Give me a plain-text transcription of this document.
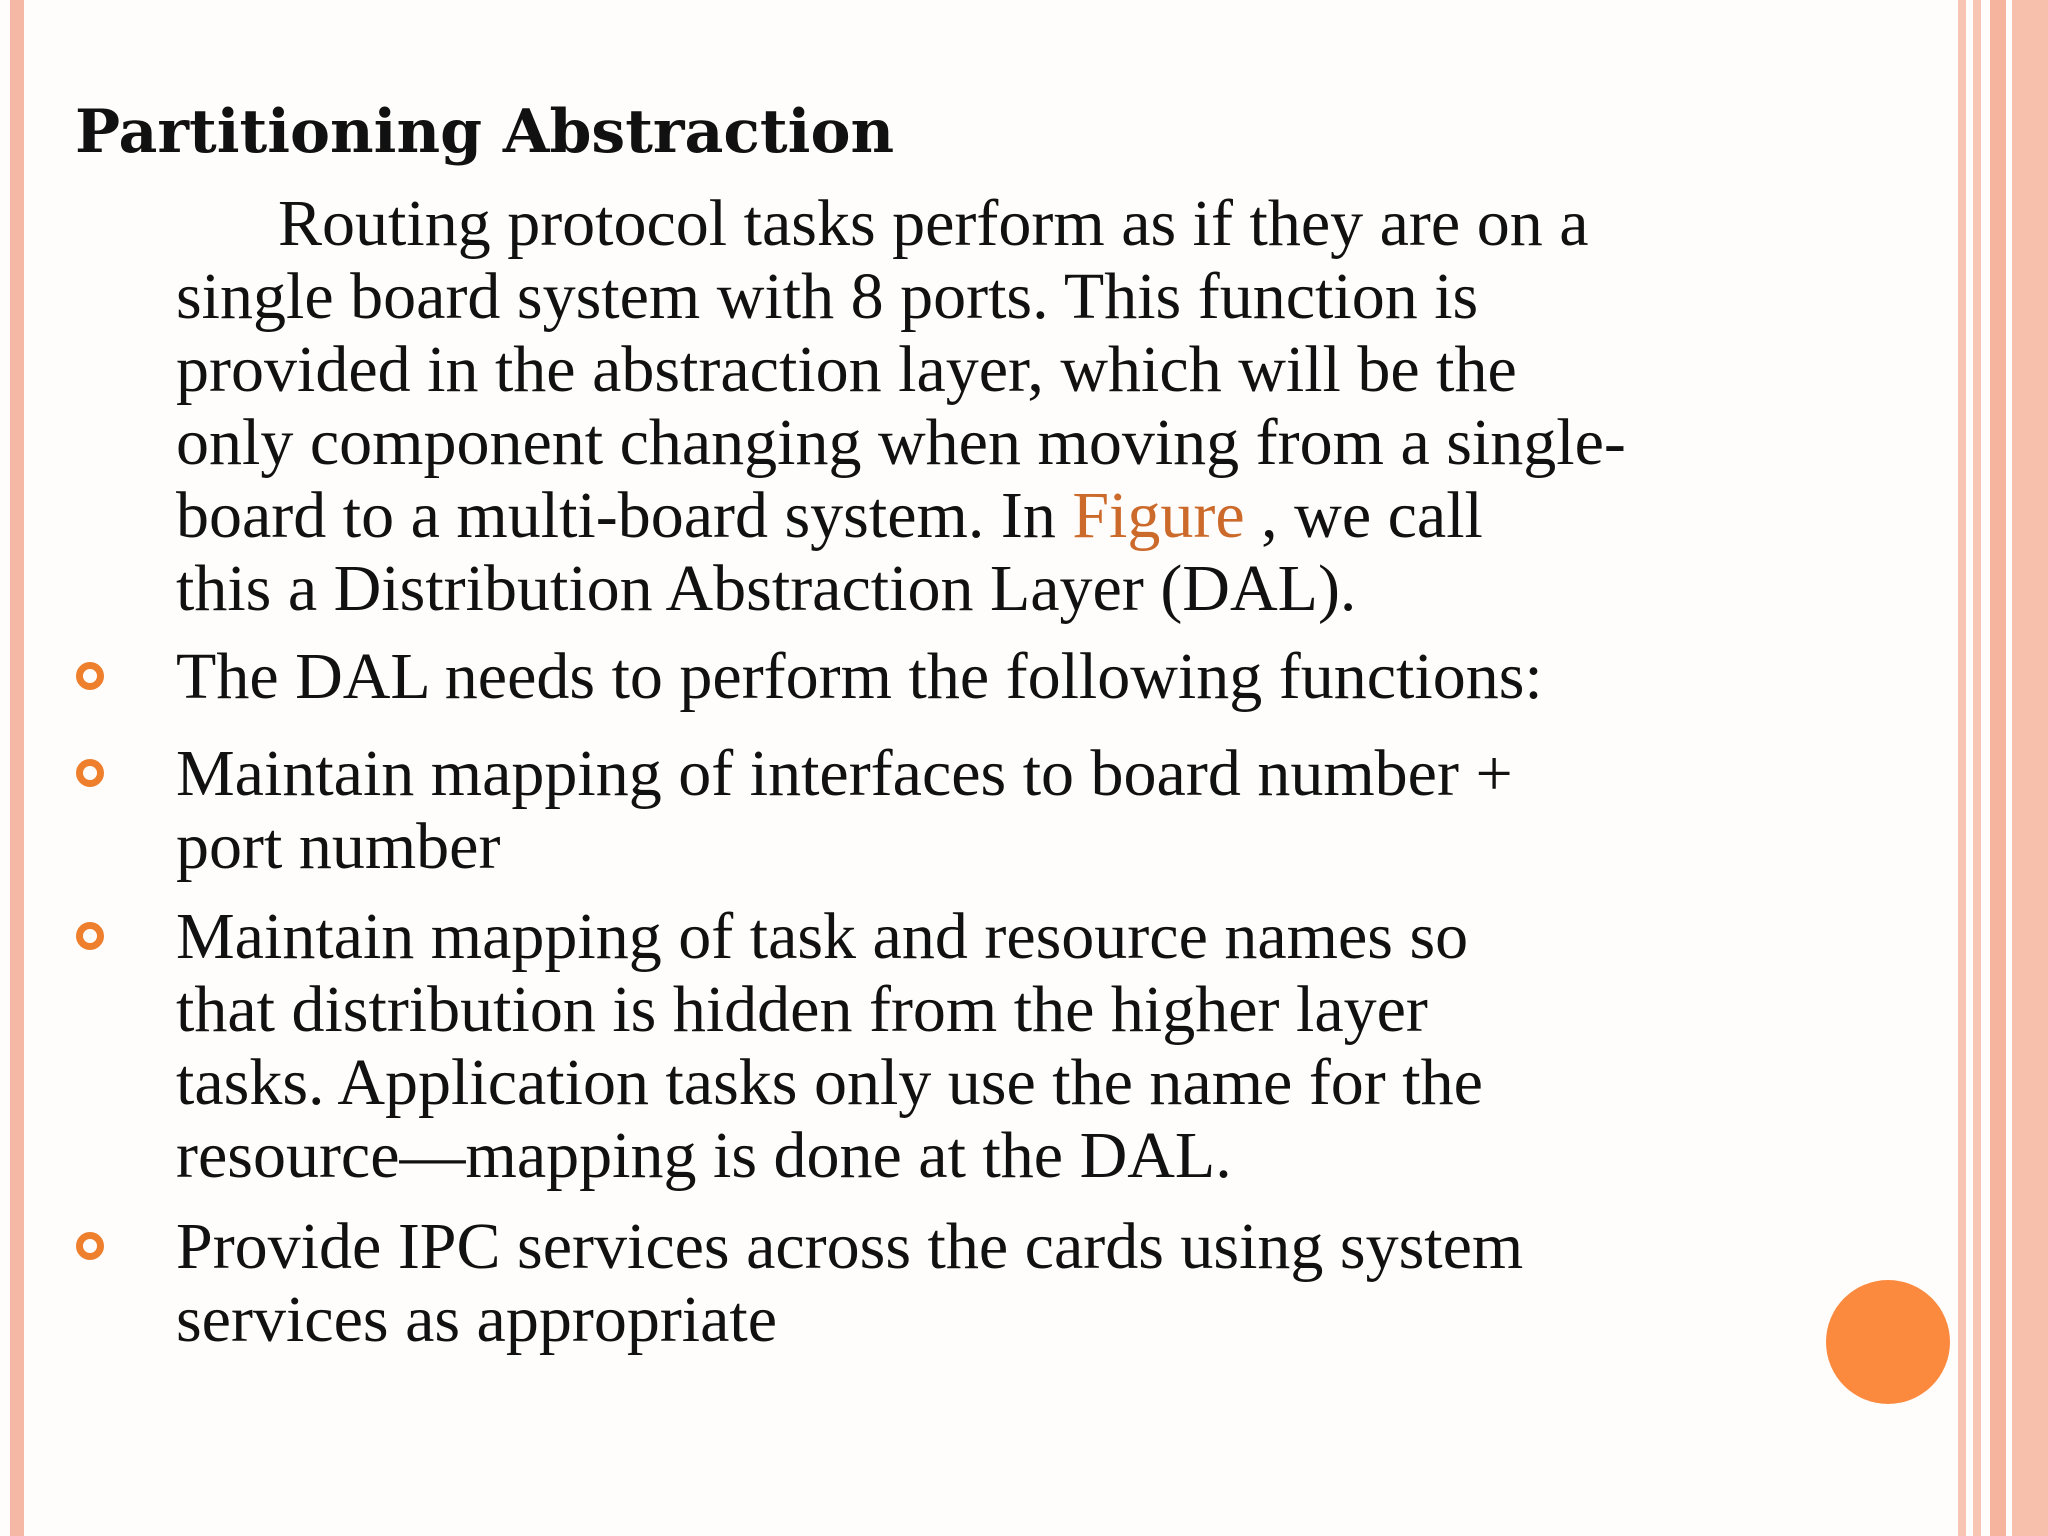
Partitioning Abstraction
Routing protocol tasks perform as if they are on a
single board system with 8 ports. This function is
provided in the abstraction layer, which will be the
only component changing when moving from a single-
board to a multi-board system. In Figure , we call
this a Distribution Abstraction Layer (DAL).
The DAL needs to perform the following functions:
Maintain mapping of interfaces to board number +
port number
Maintain mapping of task and resource names so
that distribution is hidden from the higher layer
tasks. Application tasks only use the name for the
resource—mapping is done at the DAL.
Provide IPC services across the cards using system
services as appropriate
